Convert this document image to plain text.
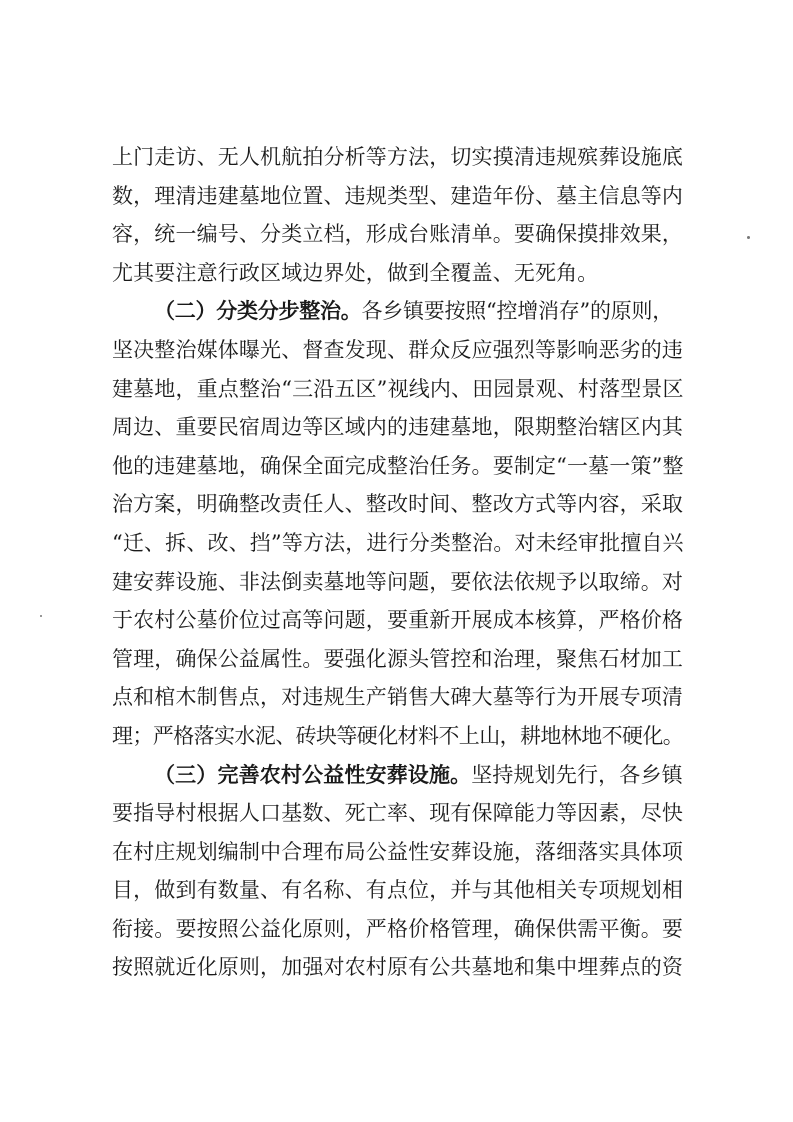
上门走访、无人机航拍分析等方法，切实摸清违规殡葬设施底
数，理清违建墓地位置、违规类型、建造年份、墓主信息等内
容，统一编号、分类立档，形成台账清单。要确保摸排效果，
尤其要注意行政区域边界处，做到全覆盖、无死角。
（二）分类分步整治。各乡镇要按照“控增消存”的原则，
坚决整治媒体曝光、督查发现、群众反应强烈等影响恶劣的违
建墓地，重点整治“三沿五区”视线内、田园景观、村落型景区
周边、重要民宿周边等区域内的违建墓地，限期整治辖区内其
他的违建墓地，确保全面完成整治任务。要制定“一墓一策”整
治方案，明确整改责任人、整改时间、整改方式等内容，采取
“迁、拆、改、挡”等方法，进行分类整治。对未经审批擅自兴
建安葬设施、非法倒卖墓地等问题，要依法依规予以取缔。对
于农村公墓价位过高等问题，要重新开展成本核算，严格价格
管理，确保公益属性。要强化源头管控和治理，聚焦石材加工
点和棺木制售点，对违规生产销售大碑大墓等行为开展专项清
理；严格落实水泥、砖块等硬化材料不上山，耕地林地不硬化。
（三）完善农村公益性安葬设施。坚持规划先行，各乡镇
要指导村根据人口基数、死亡率、现有保障能力等因素，尽快
在村庄规划编制中合理布局公益性安葬设施，落细落实具体项
目，做到有数量、有名称、有点位，并与其他相关专项规划相
衔接。要按照公益化原则，严格价格管理，确保供需平衡。要
按照就近化原则，加强对农村原有公共墓地和集中埋葬点的资
